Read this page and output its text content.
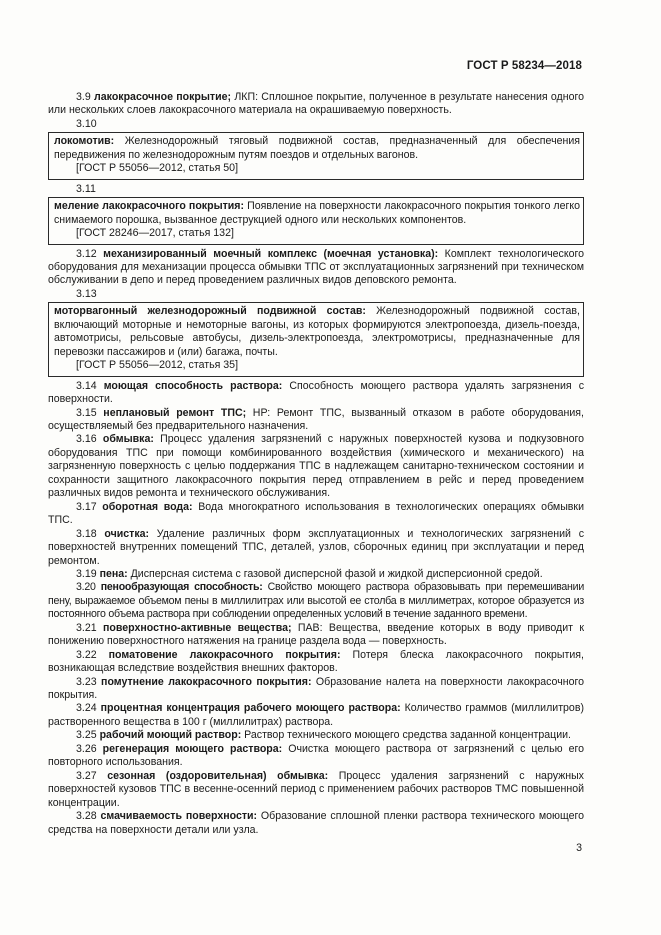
ГОСТ Р 58234—2018

3.9 лакокрасочное покрытие; ЛКП: Сплошное покрытие, полученное в результате нанесения одного или нескольких слоев лакокрасочного материала на окрашиваемую поверхность.

3.10

локомотив: Железнодорожный тяговый подвижной состав, предназначенный для обеспечения передвижения по железнодорожным путям поездов и отдельных вагонов.

[ГОСТ Р 55056—2012, статья 50]

3.11

меление лакокрасочного покрытия: Появление на поверхности лакокрасочного покрытия тонкого легко снимаемого порошка, вызванное деструкцией одного или нескольких компонентов.

[ГОСТ 28246—2017, статья 132]

3.12 механизированный моечный комплекс (моечная установка): Комплект технологического оборудования для механизации процесса обмывки ТПС от эксплуатационных загрязнений при техническом обслуживании в депо и перед проведением различных видов деповского ремонта.

3.13

моторвагонный железнодорожный подвижной состав: Железнодорожный подвижной состав, включающий моторные и немоторные вагоны, из которых формируются электропоезда, дизель-поезда, автомотрисы, рельсовые автобусы, дизель-электропоезда, электромотрисы, предназначенные для перевозки пассажиров и (или) багажа, почты.

[ГОСТ Р 55056—2012, статья 35]

3.14 моющая способность раствора: Способность моющего раствора удалять загрязнения с поверхности.

3.15 неплановый ремонт ТПС; НР: Ремонт ТПС, вызванный отказом в работе оборудования, осуществляемый без предварительного назначения.

3.16 обмывка: Процесс удаления загрязнений с наружных поверхностей кузова и подкузовного оборудования ТПС при помощи комбинированного воздействия (химического и механического) на загрязненную поверхность с целью поддержания ТПС в надлежащем санитарно-техническом состоянии и сохранности защитного лакокрасочного покрытия перед отправлением в рейс и перед проведением различных видов ремонта и технического обслуживания.

3.17 оборотная вода: Вода многократного использования в технологических операциях обмывки ТПС.

3.18 очистка: Удаление различных форм эксплуатационных и технологических загрязнений с поверхностей внутренних помещений ТПС, деталей, узлов, сборочных единиц при эксплуатации и перед ремонтом.

3.19 пена: Дисперсная система с газовой дисперсной фазой и жидкой дисперсионной средой.

3.20 пенообразующая способность: Свойство моющего раствора образовывать при перемешивании пену, выражаемое объемом пены в миллилитрах или высотой ее столба в миллиметрах, которое образуется из постоянного объема раствора при соблюдении определенных условий в течение заданного времени.

3.21 поверхностно-активные вещества; ПАВ: Вещества, введение которых в воду приводит к понижению поверхностного натяжения на границе раздела вода — поверхность.

3.22 поматовение лакокрасочного покрытия: Потеря блеска лакокрасочного покрытия, возникающая вследствие воздействия внешних факторов.

3.23 помутнение лакокрасочного покрытия: Образование налета на поверхности лакокрасочного покрытия.

3.24 процентная концентрация рабочего моющего раствора: Количество граммов (миллилитров) растворенного вещества в 100 г (миллилитрах) раствора.

3.25 рабочий моющий раствор: Раствор технического моющего средства заданной концентрации.

3.26 регенерация моющего раствора: Очистка моющего раствора от загрязнений с целью его повторного использования.

3.27 сезонная (оздоровительная) обмывка: Процесс удаления загрязнений с наружных поверхностей кузовов ТПС в весенне-осенний период с применением рабочих растворов ТМС повышенной концентрации.

3.28 смачиваемость поверхности: Образование сплошной пленки раствора технического моющего средства на поверхности детали или узла.

3
